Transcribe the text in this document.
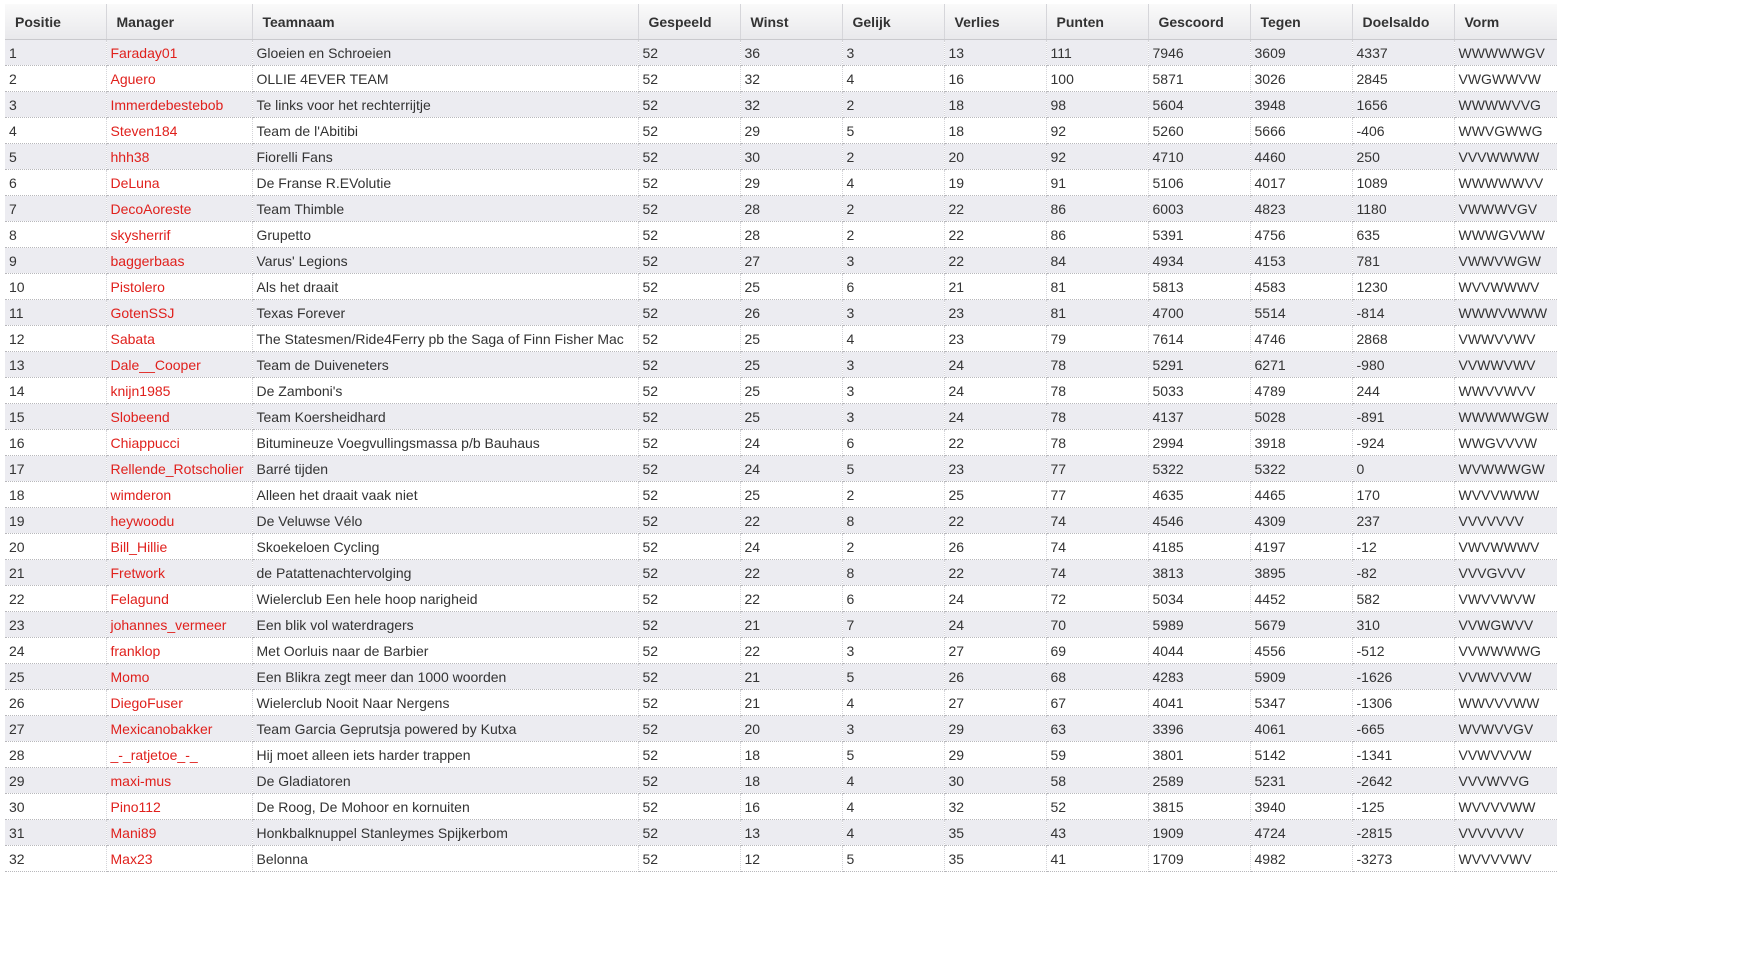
Positie	Manager	Teamnaam	Gespeeld	Winst	Gelijk	Verlies	Punten	Gescoord	Tegen	Doelsaldo	Vorm
1	Faraday01	Gloeien en Schroeien	52	36	3	13	111	7946	3609	4337	WWWWWGV
2	Aguero	OLLIE 4EVER TEAM	52	32	4	16	100	5871	3026	2845	VWGWWVW
3	Immerdebestebob	Te links voor het rechterrijtje	52	32	2	18	98	5604	3948	1656	WWWWVVG
4	Steven184	Team de l'Abitibi	52	29	5	18	92	5260	5666	-406	WWVGWWG
5	hhh38	Fiorelli Fans	52	30	2	20	92	4710	4460	250	VVVWWWW
6	DeLuna	De Franse R.EVolutie	52	29	4	19	91	5106	4017	1089	WWWWWVV
7	DecoAoreste	Team Thimble	52	28	2	22	86	6003	4823	1180	VWWWVGV
8	skysherrif	Grupetto	52	28	2	22	86	5391	4756	635	WWWGVWW
9	baggerbaas	Varus' Legions	52	27	3	22	84	4934	4153	781	VWWVWGW
10	Pistolero	Als het draait	52	25	6	21	81	5813	4583	1230	WVVWWWV
11	GotenSSJ	Texas Forever	52	26	3	23	81	4700	5514	-814	WWWVWWW
12	Sabata	The Statesmen/Ride4Ferry pb the Saga of Finn Fisher Mac	52	25	4	23	79	7614	4746	2868	VWWVVWV
13	Dale__Cooper	Team de Duiveneters	52	25	3	24	78	5291	6271	-980	VVWWVWV
14	knijn1985	De Zamboni's	52	25	3	24	78	5033	4789	244	WWVVWVV
15	Slobeend	Team Koersheidhard	52	25	3	24	78	4137	5028	-891	WWWWWGW
16	Chiappucci	Bitumineuze Voegvullingsmassa p/b Bauhaus	52	24	6	22	78	2994	3918	-924	WWGVVVW
17	Rellende_Rotscholier	Barré tijden	52	24	5	23	77	5322	5322	0	WVWWWGW
18	wimderon	Alleen het draait vaak niet	52	25	2	25	77	4635	4465	170	WVVVWWW
19	heywoodu	De Veluwse Vélo	52	22	8	22	74	4546	4309	237	VVVVVVV
20	Bill_Hillie	Skoekeloen Cycling	52	24	2	26	74	4185	4197	-12	VWVWWWV
21	Fretwork	de Patattenachtervolging	52	22	8	22	74	3813	3895	-82	VVVGVVV
22	Felagund	Wielerclub Een hele hoop narigheid	52	22	6	24	72	5034	4452	582	VWVVWVW
23	johannes_vermeer	Een blik vol waterdragers	52	21	7	24	70	5989	5679	310	VVWGWVV
24	franklop	Met Oorluis naar de Barbier	52	22	3	27	69	4044	4556	-512	VVWWWWG
25	Momo	Een Blikra zegt meer dan 1000 woorden	52	21	5	26	68	4283	5909	-1626	VVWVVVW
26	DiegoFuser	Wielerclub Nooit Naar Nergens	52	21	4	27	67	4041	5347	-1306	WWVVVWW
27	Mexicanobakker	Team Garcia Geprutsja powered by Kutxa	52	20	3	29	63	3396	4061	-665	WVWVVGV
28	_-_ratjetoe_-_	Hij moet alleen iets harder trappen	52	18	5	29	59	3801	5142	-1341	VVWVVVW
29	maxi-mus	De Gladiatoren	52	18	4	30	58	2589	5231	-2642	VVVWVVG
30	Pino112	De Roog, De Mohoor en kornuiten	52	16	4	32	52	3815	3940	-125	WVVVVWW
31	Mani89	Honkbalknuppel Stanleymes Spijkerbom	52	13	4	35	43	1909	4724	-2815	VVVVVVV
32	Max23	Belonna	52	12	5	35	41	1709	4982	-3273	WVVVVWV
